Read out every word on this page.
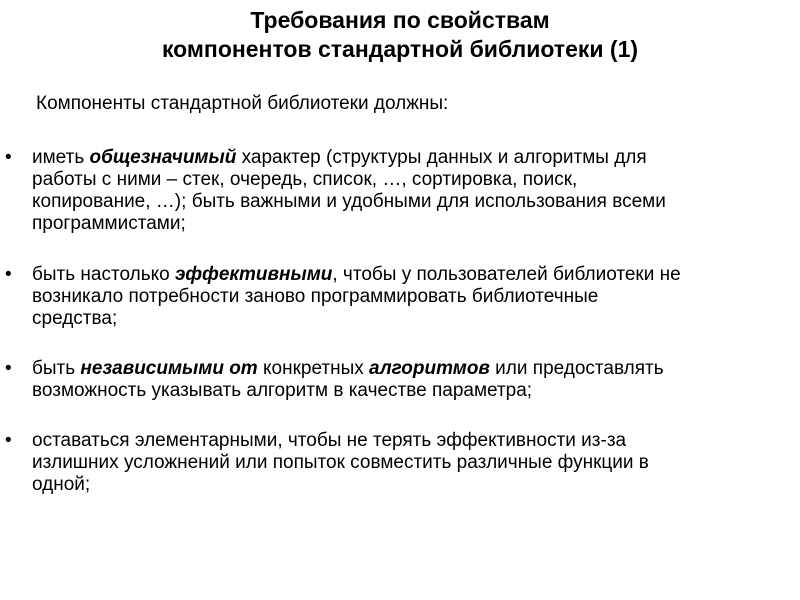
Требования по свойствам
компонентов стандартной библиотеки (1)
Компоненты стандартной библиотеки должны:
• иметь общезначимый характер (структуры данных и алгоритмы для
работы с ними – стек, очередь, список, …, сортировка, поиск,
копирование, …); быть важными и удобными для использования всеми
программистами;
• быть настолько эффективными, чтобы у пользователей библиотеки не
возникало потребности заново программировать библиотечные
средства;
• быть независимыми от конкретных алгоритмов или предоставлять
возможность указывать алгоритм в качестве параметра;
• оставаться элементарными, чтобы не терять эффективности из-за
излишних усложнений или попыток совместить различные функции в
одной;
